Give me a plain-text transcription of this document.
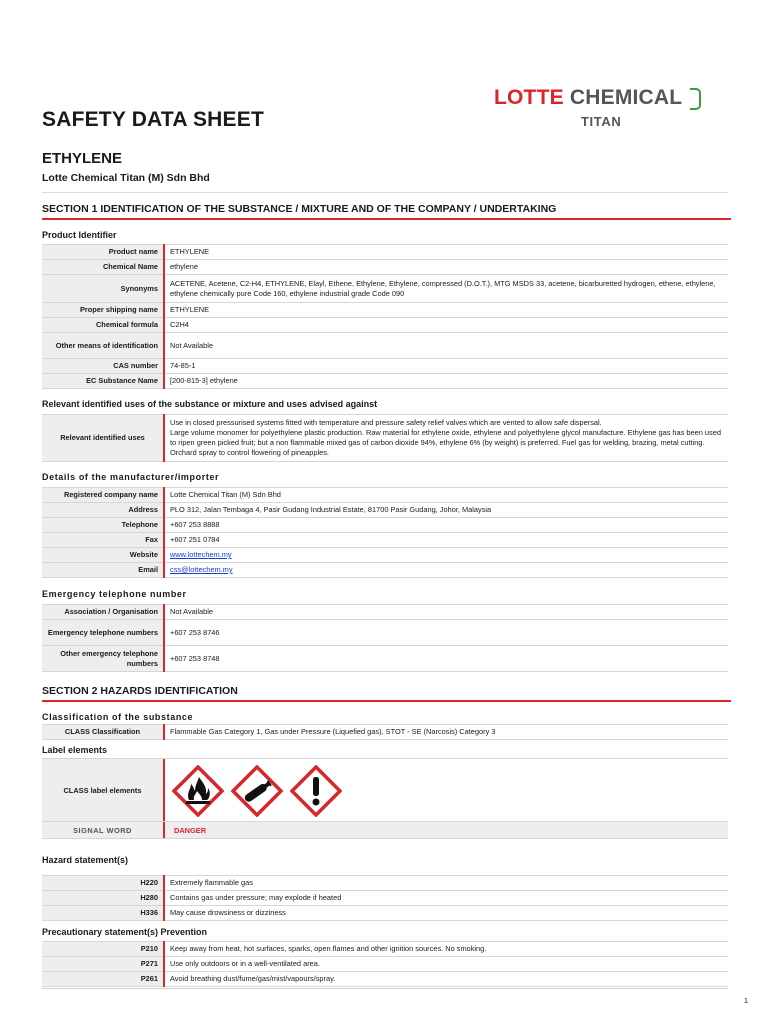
LOTTE CHEMICAL
TITAN
SAFETY DATA SHEET
ETHYLENE
Lotte Chemical Titan (M) Sdn Bhd
SECTION 1 IDENTIFICATION OF THE SUBSTANCE / MIXTURE AND OF THE COMPANY / UNDERTAKING
Product Identifier
Product name	ETHYLENE
Chemical Name	ethylene
Synonyms	ACETENE, Acetene, C2-H4, ETHYLENE, Elayl, Ethene, Ethylene, Ethylene, compressed (D.O.T.), MTG MSDS 33, acetene, bicarburetted hydrogen, ethene, ethylene, ethylene chemically pure Code 160, ethylene industrial grade Code 090
Proper shipping name	ETHYLENE
Chemical formula	C2H4
Other means of identification	Not Available
CAS number	74-85-1
EC Substance Name	[200-815-3] ethylene
Relevant identified uses of the substance or mixture and uses advised against
Relevant identified uses	
Use in closed pressurised systems fitted with temperature and pressure safety relief valves which are vented to allow safe dispersal.
Large volume monomer for polyethylene plastic production. Raw material for ethylene oxide, ethylene and polyethylene glycol manufacture. Ethylene gas has been used to ripen green picked fruit; but a non flammable mixed gas of carbon dioxide 94%, ethylene 6% (by weight) is preferred. Fuel gas for welding, brazing, metal cutting. Orchard spray to control flowering of pineapples.
Details of the manufacturer/importer
Registered company name	Lotte Chemical Titan (M) Sdn Bhd
Address	PLO 312, Jalan Tembaga 4, Pasir Gudang Industrial Estate, 81700 Pasir Gudang, Johor, Malaysia
Telephone	+607 253 8888
Fax	+607 251 0784
Website	www.lottechem.my
Email	css@lottechem.my
Emergency telephone number
Association / Organisation	Not Available
Emergency telephone numbers	+607 253 8746
Other emergency telephone numbers	+607 253 8748
SECTION 2 HAZARDS IDENTIFICATION
Classification of the substance
CLASS Classification	Flammable Gas Category 1, Gas under Pressure (Liquefied gas), STOT - SE (Narcosis) Category 3
Label elements
CLASS label elements
SIGNAL WORD	DANGER
Hazard statement(s)
H220	Extremely flammable gas
H280	Contains gas under pressure; may explode if heated
H336	May cause drowsiness or dizziness
Precautionary statement(s) Prevention
P210	Keep away from heat, hot surfaces, sparks, open flames and other ignition sources. No smoking.
P271	Use only outdoors or in a well-ventilated area.
P261	Avoid breathing dust/fume/gas/mist/vapours/spray.
1
